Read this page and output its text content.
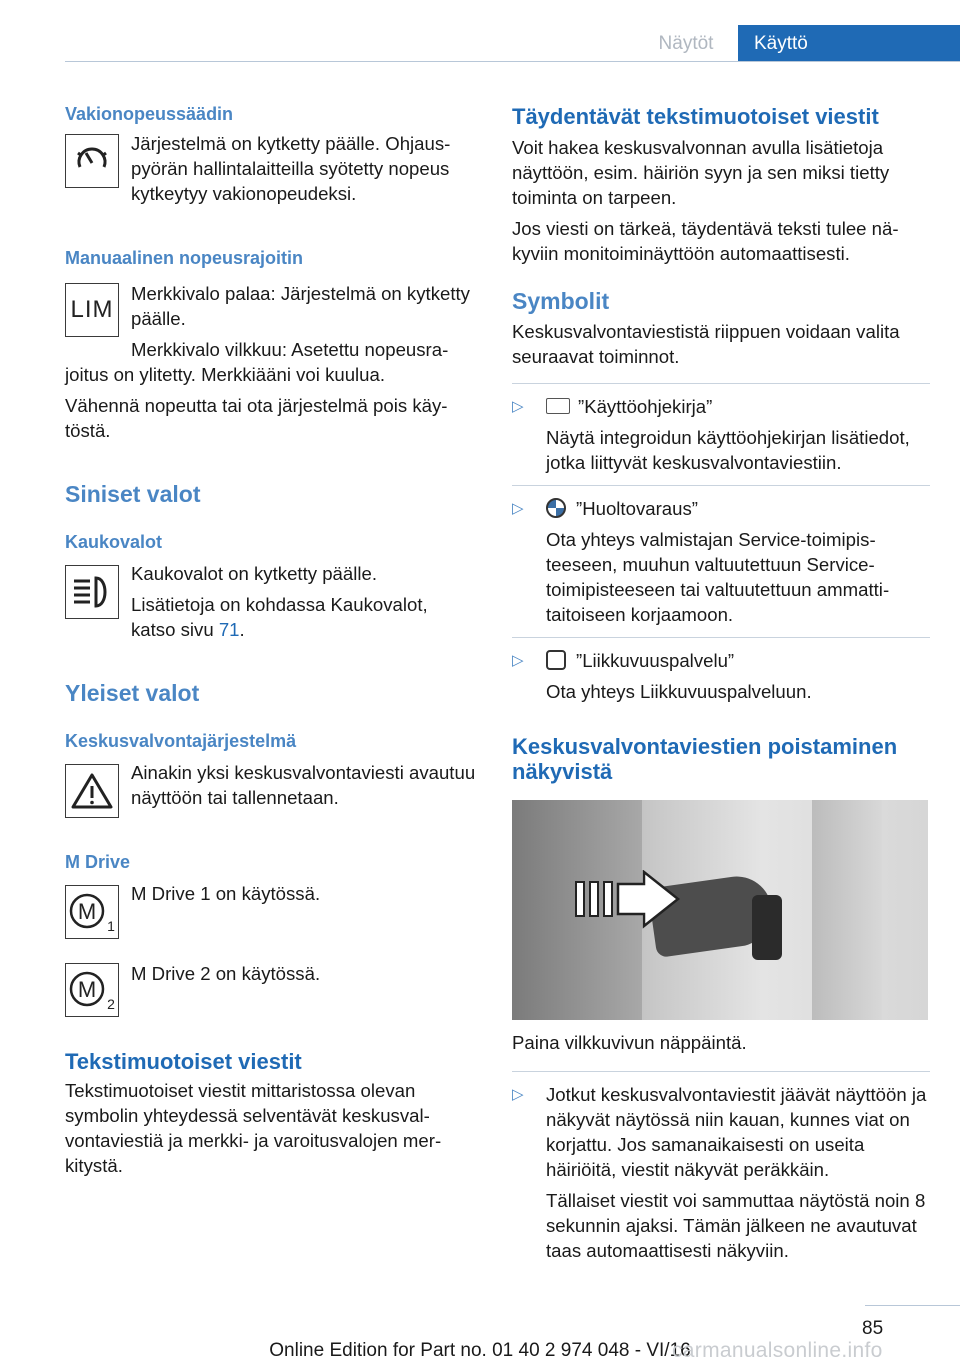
Näytöt	Käyttö
Vakionopeussäädin

Järjestelmä on kytketty päälle. Ohjauspyörän hallintalaitteilla syötetty nopeus kytkeytyy vakionopeudeksi.

Manuaalinen nopeusrajoitin
LIM

Merkkivalo palaa: Järjestelmä on kytketty päälle.

Merkkivalo vilkkuu: Asetettu nopeusrajoitus on ylitetty. Merkkiääni voi kuulua.

Vähennä nopeutta tai ota järjestelmä pois käytöstä.

Siniset valot
Kaukovalot

Kaukovalot on kytketty päälle.

Lisätietoja on kohdassa Kaukovalot, katso sivu 71.

Yleiset valot
Keskusvalvontajärjestelmä

Ainakin yksi keskusvalvontaviesti avautuu näyttöön tai tallennetaan.

M Drive
M
1

M Drive 1 on käytössä.

M
2

M Drive 2 on käytössä.

Tekstimuotoiset viestit

Tekstimuotoiset viestit mittaristossa olevan symbolin yhteydessä selventävät keskusvalvontaviestiä ja merkki- ja varoitusvalojen merkitystä.

Täydentävät tekstimuotoiset viestit

Voit hakea keskusvalvonnan avulla lisätietoja näyttöön, esim. häiriön syyn ja sen miksi tietty toiminta on tarpeen.

Jos viesti on tärkeä, täydentävä teksti tulee näkyviin monitoiminäyttöön automaattisesti.

Symbolit

Keskusvalvontaviestistä riippuen voidaan valita seuraavat toiminnot.

▷	”Käyttöohjekirja”

Näytä integroidun käyttöohjekirjan lisätiedot, jotka liittyvät keskusvalvontaviestiin.

▷	”Huoltovaraus”

Ota yhteys valmistajan Service-toimipisteeseen, muuhun valtuutettuun Service-toimipisteeseen tai valtuutettuun ammattitaitoiseen korjaamoon.

▷	”Liikkuvuuspalvelu”

Ota yhteys Liikkuvuuspalveluun.

Keskusvalvontaviestien poistaminen näkyvistä

Paina vilkkuvivun näppäintä.

▷ Jotkut keskusvalvontaviestit jäävät näyttöön ja näkyvät näytössä niin kauan, kunnes viat on korjattu. Jos samanaikaisesti on useita häiriöitä, viestit näkyvät peräkkäin.

Tällaiset viestit voi sammuttaa näytöstä noin 8 sekunnin ajaksi. Tämän jälkeen ne avautuvat taas automaattisesti näkyviin.

85
Online Edition for Part no. 01 40 2 974 048 - VI/16
carmanualsonline.info
